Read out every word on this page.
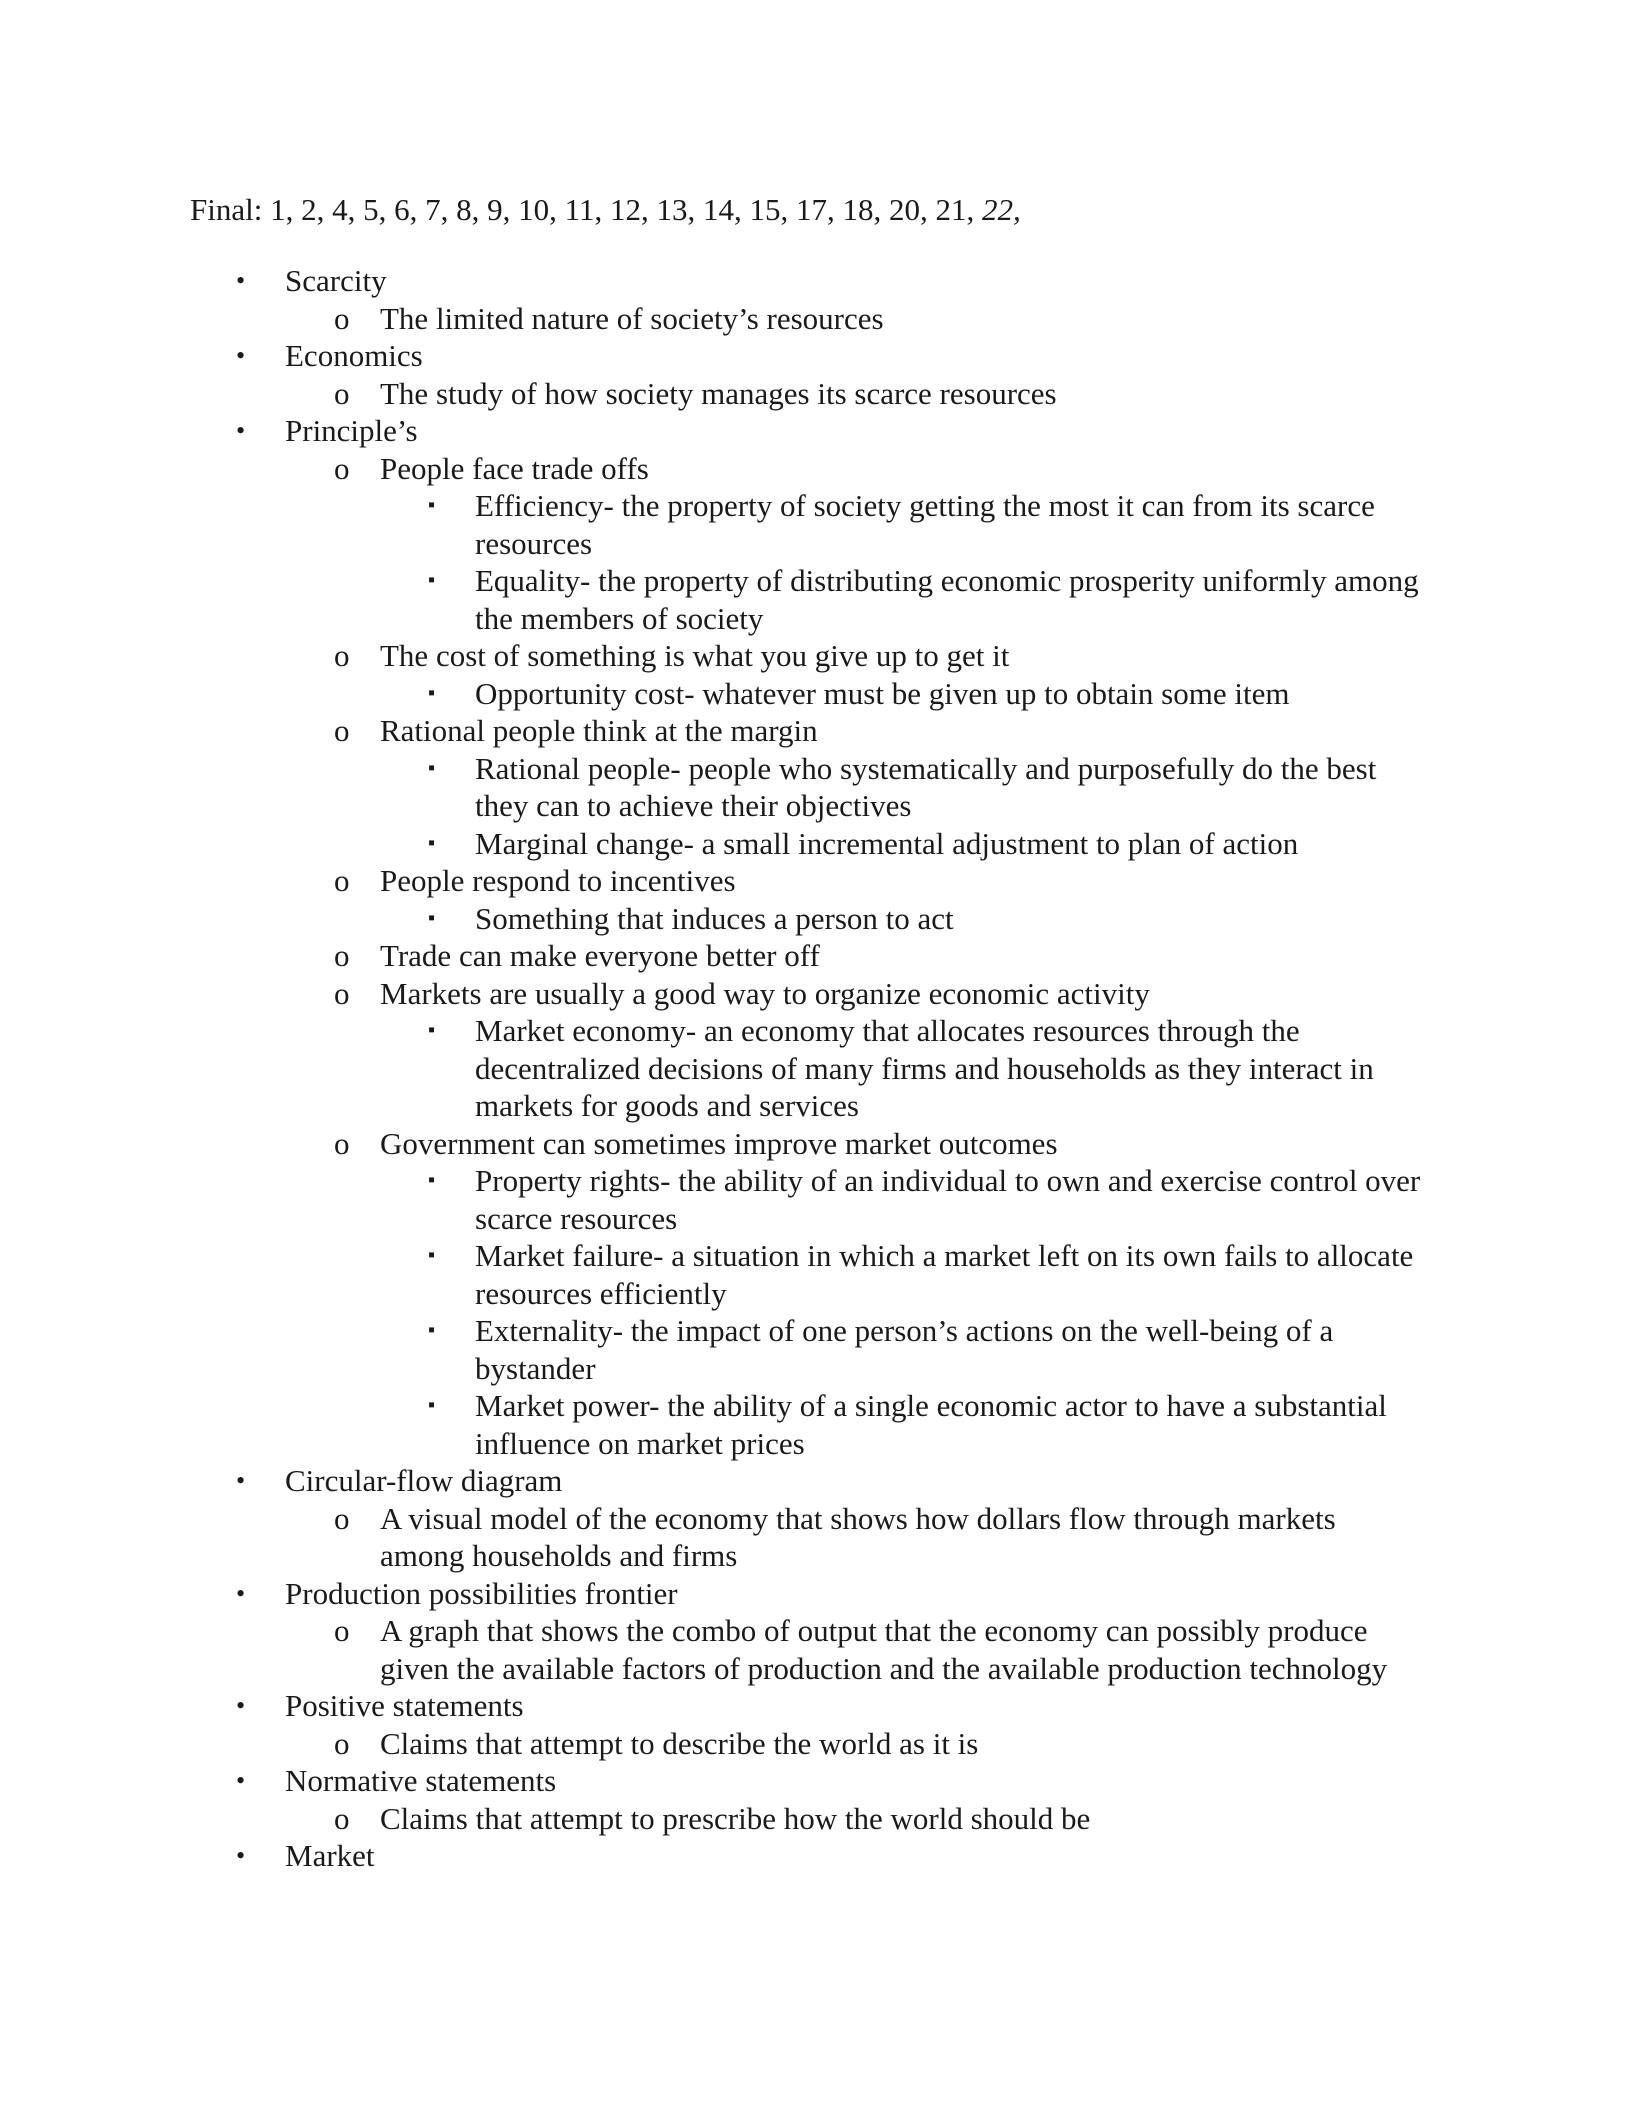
Final: 1, 2, 4, 5, 6, 7, 8, 9, 10, 11, 12, 13, 14, 15, 17, 18, 20, 21, 22,
• Scarcity
o The limited nature of society’s resources
• Economics
o The study of how society manages its scarce resources
• Principle’s
o People face trade offs
▪ Efficiency- the property of society getting the most it can from its scarce resources
▪ Equality- the property of distributing economic prosperity uniformly among the members of society
o The cost of something is what you give up to get it
▪ Opportunity cost- whatever must be given up to obtain some item
o Rational people think at the margin
▪ Rational people- people who systematically and purposefully do the best they can to achieve their objectives
▪ Marginal change- a small incremental adjustment to plan of action
o People respond to incentives
▪ Something that induces a person to act
o Trade can make everyone better off
o Markets are usually a good way to organize economic activity
▪ Market economy- an economy that allocates resources through the decentralized decisions of many firms and households as they interact in markets for goods and services
o Government can sometimes improve market outcomes
▪ Property rights- the ability of an individual to own and exercise control over scarce resources
▪ Market failure- a situation in which a market left on its own fails to allocate resources efficiently
▪ Externality- the impact of one person’s actions on the well-being of a bystander
▪ Market power- the ability of a single economic actor to have a substantial influence on market prices
• Circular-flow diagram
o A visual model of the economy that shows how dollars flow through markets among households and firms
• Production possibilities frontier
o A graph that shows the combo of output that the economy can possibly produce given the available factors of production and the available production technology
• Positive statements
o Claims that attempt to describe the world as it is
• Normative statements
o Claims that attempt to prescribe how the world should be
• Market
